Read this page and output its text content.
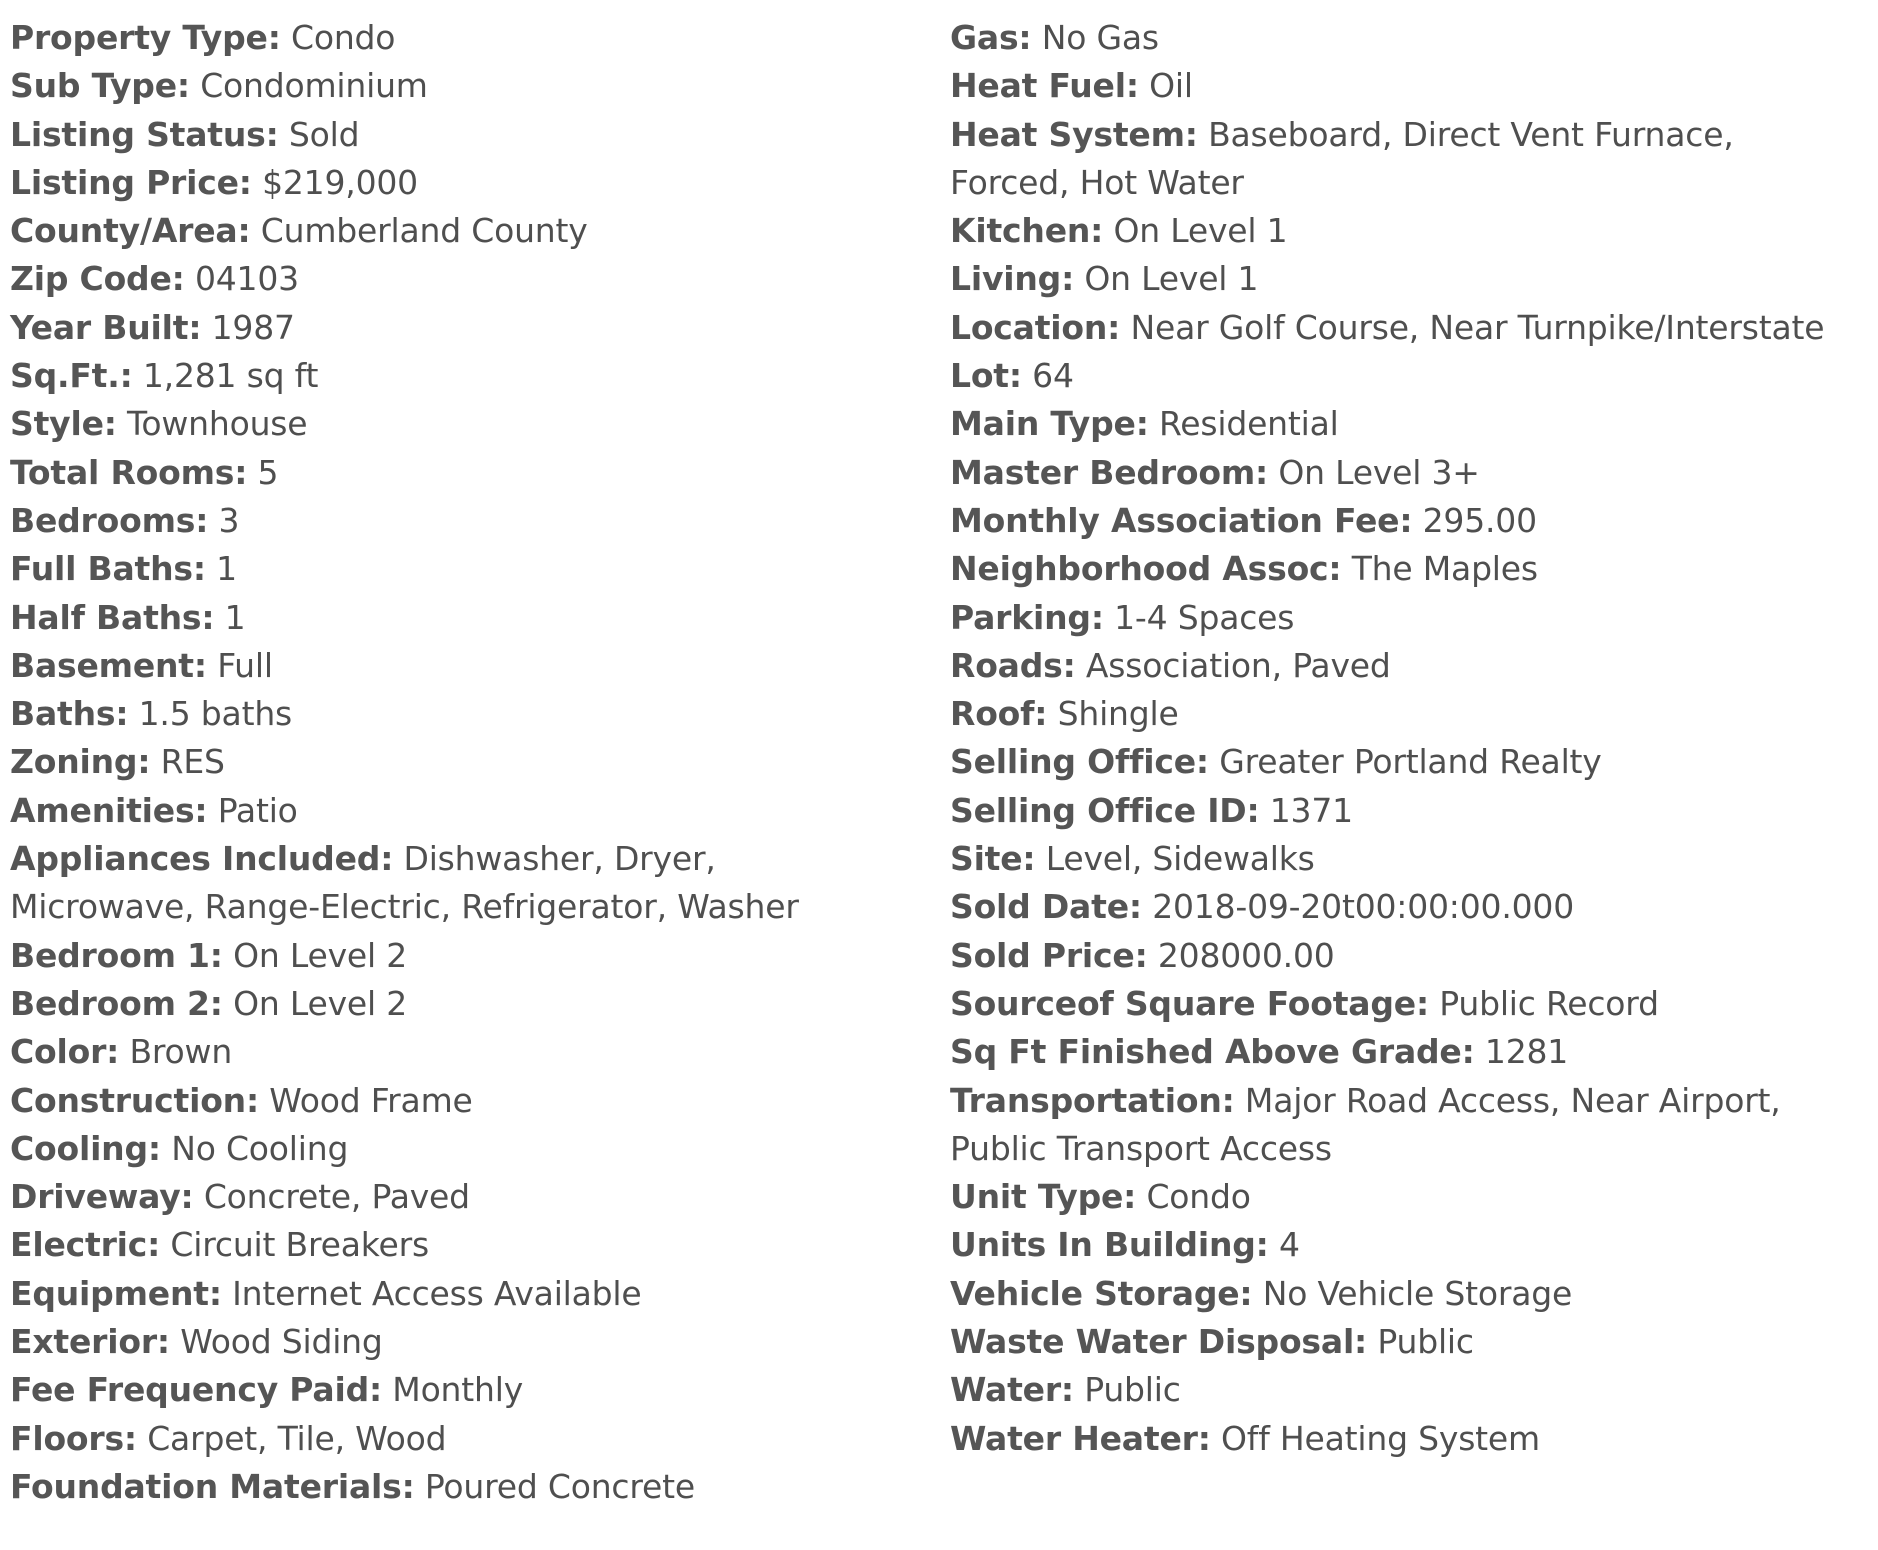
Property Type: Condo
Sub Type: Condominium
Listing Status: Sold
Listing Price: $219,000
County/Area: Cumberland County
Zip Code: 04103
Year Built: 1987
Sq.Ft.: 1,281 sq ft
Style: Townhouse
Total Rooms: 5
Bedrooms: 3
Full Baths: 1
Half Baths: 1
Basement: Full
Baths: 1.5 baths
Zoning: RES
Amenities: Patio
Appliances Included: Dishwasher, Dryer, Microwave, Range-Electric, Refrigerator, Washer
Bedroom 1: On Level 2
Bedroom 2: On Level 2
Color: Brown
Construction: Wood Frame
Cooling: No Cooling
Driveway: Concrete, Paved
Electric: Circuit Breakers
Equipment: Internet Access Available
Exterior: Wood Siding
Fee Frequency Paid: Monthly
Floors: Carpet, Tile, Wood
Foundation Materials: Poured Concrete
Gas: No Gas
Heat Fuel: Oil
Heat System: Baseboard, Direct Vent Furnace, Forced, Hot Water
Kitchen: On Level 1
Living: On Level 1
Location: Near Golf Course, Near Turnpike/Interstate
Lot: 64
Main Type: Residential
Master Bedroom: On Level 3+
Monthly Association Fee: 295.00
Neighborhood Assoc: The Maples
Parking: 1-4 Spaces
Roads: Association, Paved
Roof: Shingle
Selling Office: Greater Portland Realty
Selling Office ID: 1371
Site: Level, Sidewalks
Sold Date: 2018-09-20t00:00:00.000
Sold Price: 208000.00
Sourceof Square Footage: Public Record
Sq Ft Finished Above Grade: 1281
Transportation: Major Road Access, Near Airport, Public Transport Access
Unit Type: Condo
Units In Building: 4
Vehicle Storage: No Vehicle Storage
Waste Water Disposal: Public
Water: Public
Water Heater: Off Heating System
